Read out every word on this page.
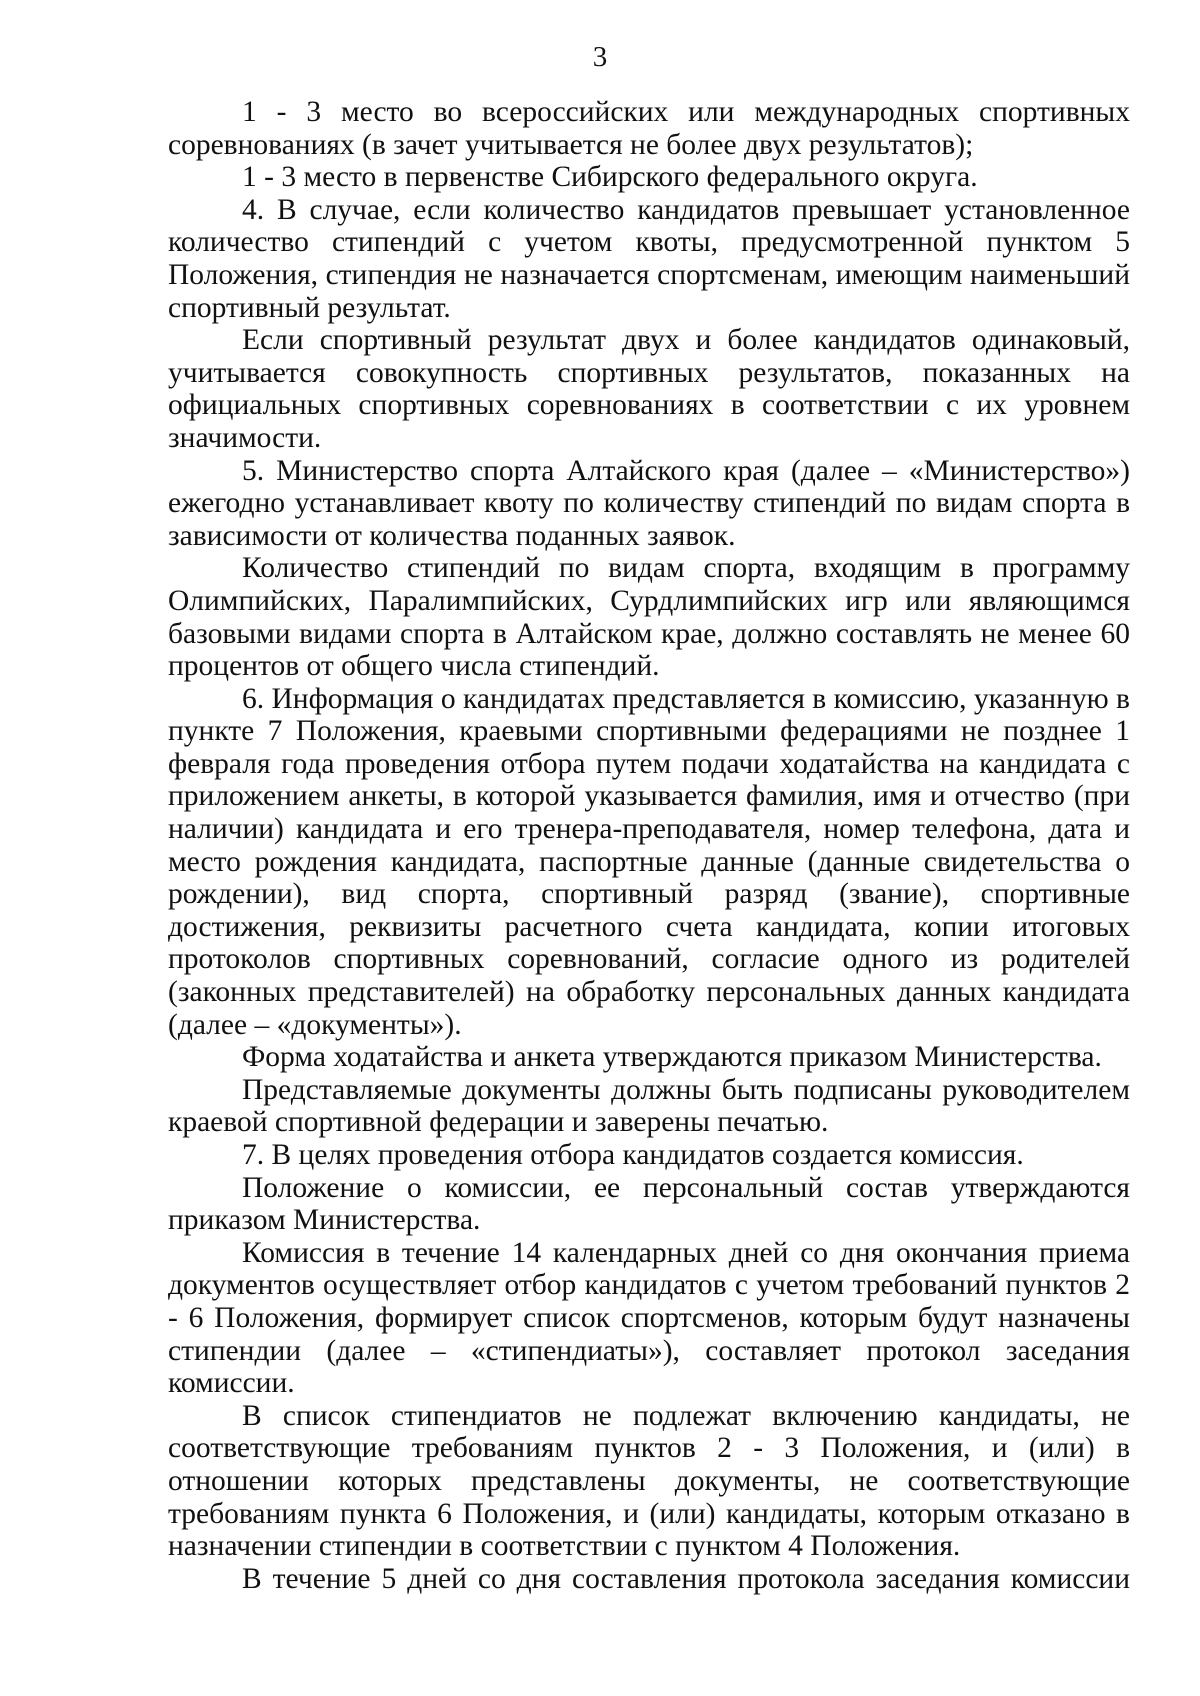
3

1 - 3 место во всероссийских или международных спортивных соревнованиях (в зачет учитывается не более двух результатов);

1 - 3 место в первенстве Сибирского федерального округа.

4. В случае, если количество кандидатов превышает установленное количество стипендий с учетом квоты, предусмотренной пунктом 5 Положения, стипендия не назначается спортсменам, имеющим наименьший спортивный результат.

Если спортивный результат двух и более кандидатов одинаковый, учитывается совокупность спортивных результатов, показанных на официальных спортивных соревнованиях в соответствии с их уровнем значимости.

5. Министерство спорта Алтайского края (далее – «Министерство») ежегодно устанавливает квоту по количеству стипендий по видам спорта в зависимости от количества поданных заявок.

Количество стипендий по видам спорта, входящим в программу Олимпийских, Паралимпийских, Сурдлимпийских игр или являющимся базовыми видами спорта в Алтайском крае, должно составлять не менее 60 процентов от общего числа стипендий.

6. Информация о кандидатах представляется в комиссию, указанную в пункте 7 Положения, краевыми спортивными федерациями не позднее 1 февраля года проведения отбора путем подачи ходатайства на кандидата с приложением анкеты, в которой указывается фамилия, имя и отчество (при наличии) кандидата и его тренера-преподавателя, номер телефона, дата и место рождения кандидата, паспортные данные (данные свидетельства о рождении), вид спорта, спортивный разряд (звание), спортивные достижения, реквизиты расчетного счета кандидата, копии итоговых протоколов спортивных соревнований, согласие одного из родителей (законных представителей) на обработку персональных данных кандидата (далее – «документы»).

Форма ходатайства и анкета утверждаются приказом Министерства.

Представляемые документы должны быть подписаны руководителем краевой спортивной федерации и заверены печатью.

7. В целях проведения отбора кандидатов создается комиссия.

Положение о комиссии, ее персональный состав утверждаются приказом Министерства.

Комиссия в течение 14 календарных дней со дня окончания приема документов осуществляет отбор кандидатов с учетом требований пунктов 2 - 6 Положения, формирует список спортсменов, которым будут назначены стипендии (далее – «стипендиаты»), составляет протокол заседания комиссии.

В список стипендиатов не подлежат включению кандидаты, не соответствующие требованиям пунктов 2 - 3 Положения, и (или) в отношении которых представлены документы, не соответствующие требованиям пункта 6 Положения, и (или) кандидаты, которым отказано в назначении стипендии в соответствии с пунктом 4 Положения.

В течение 5 дней со дня составления протокола заседания комиссии
